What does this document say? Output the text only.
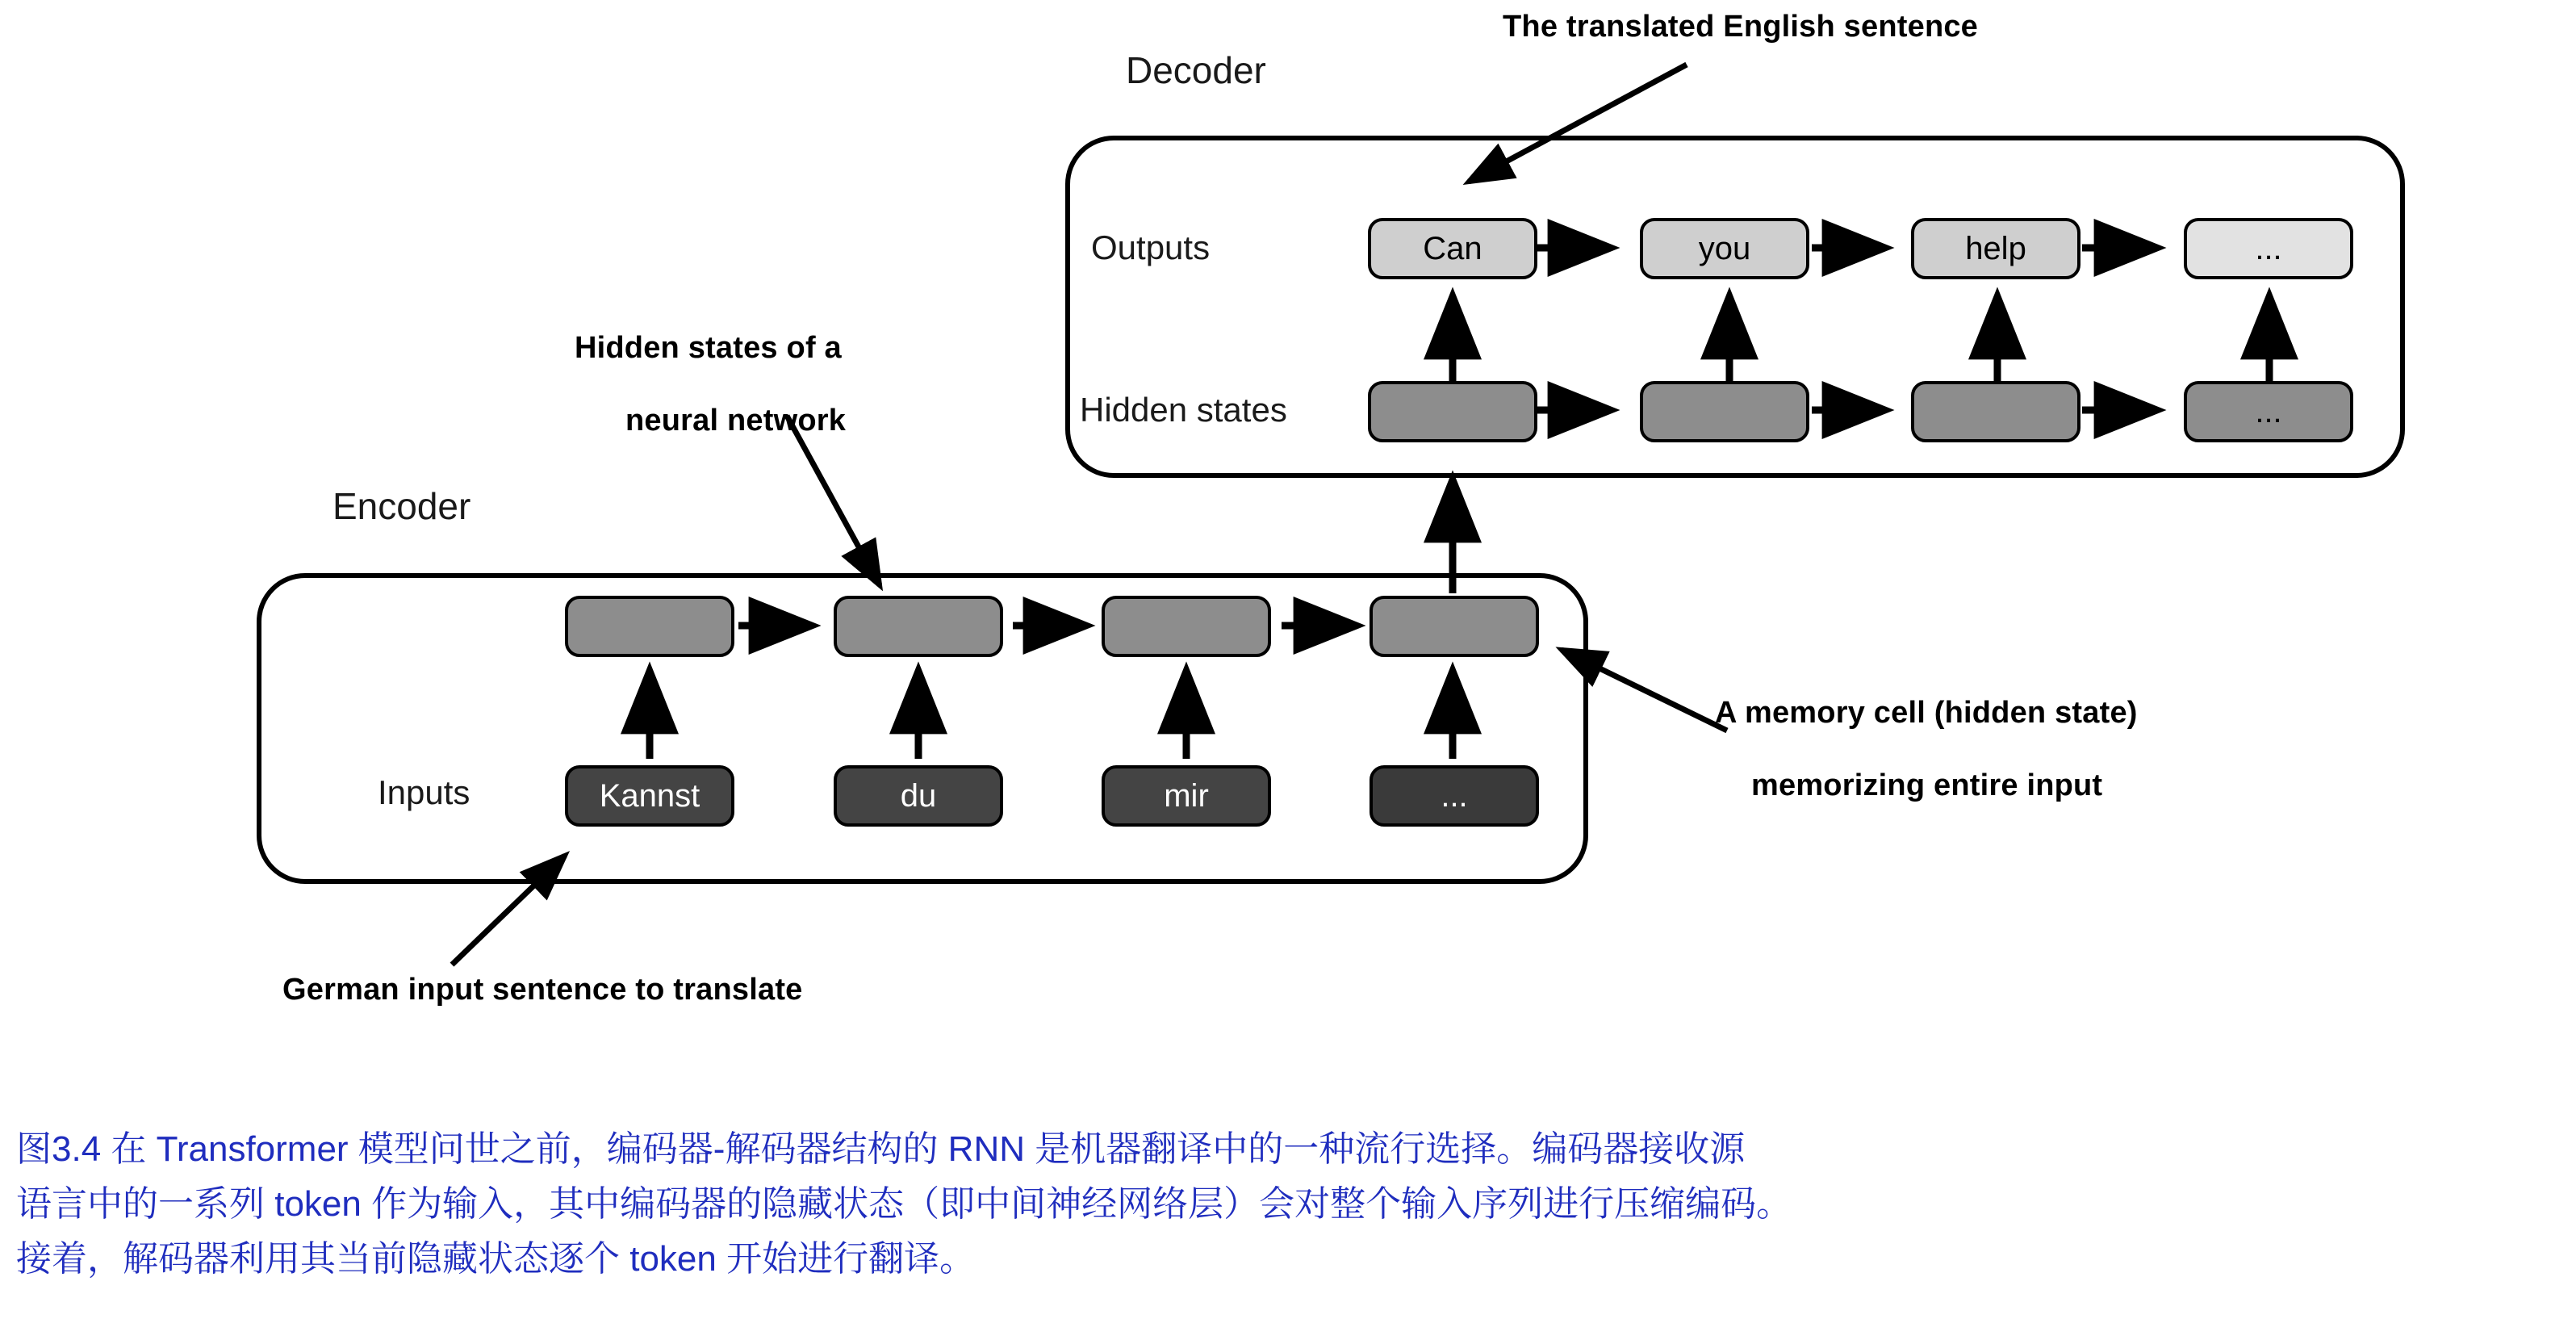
The translated English sentence
Hidden states of a
neural network
A memory cell (hidden state)
memorizing entire input
German input sentence to translate
Decoder
Outputs	Can	you	help	...
Hidden states	...
Encoder
Inputs	Kannst	du	mir	...
图3.4 在 Transformer 模型问世之前，编码器-解码器结构的 RNN 是机器翻译中的一种流行选择。编码器接收源
语言中的一系列 token 作为输入，其中编码器的隐藏状态（即中间神经网络层）会对整个输入序列进行压缩编码。
接着，解码器利用其当前隐藏状态逐个 token 开始进行翻译。
